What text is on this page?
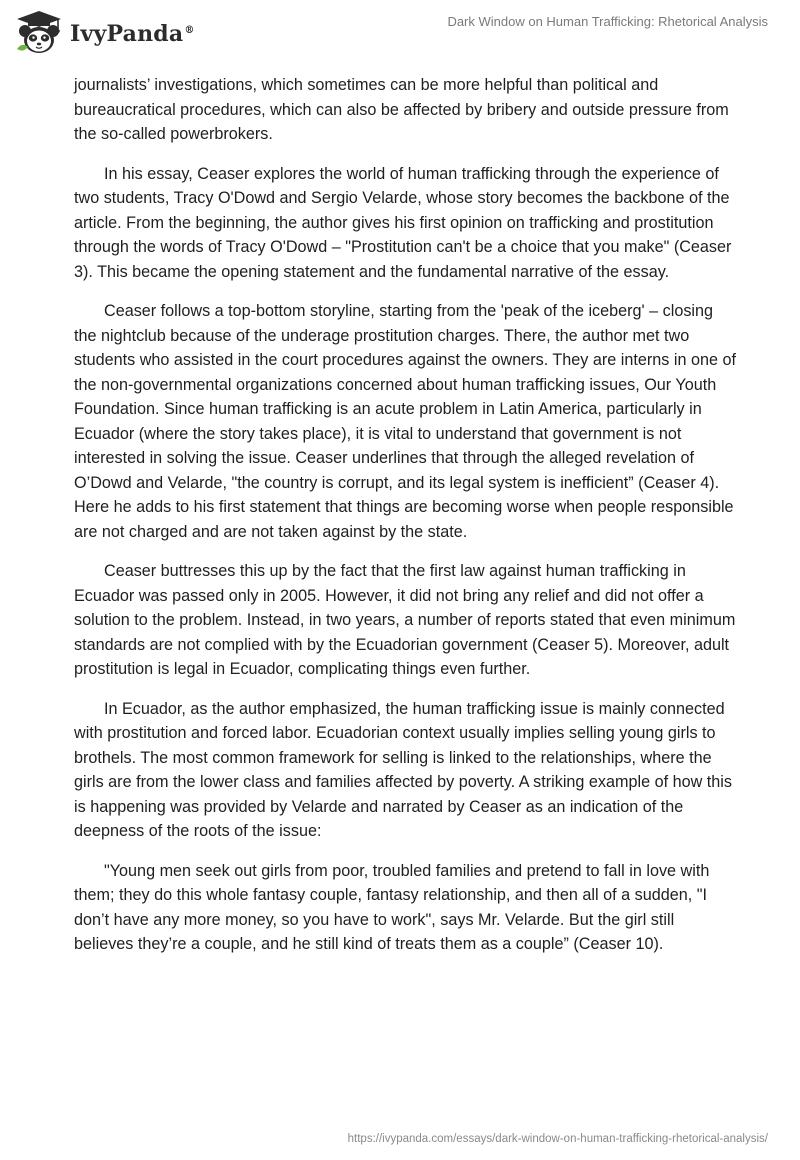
IvyPanda®
Dark Window on Human Trafficking: Rhetorical Analysis

journalists’ investigations, which sometimes can be more helpful than political and bureaucratical procedures, which can also be affected by bribery and outside pressure from the so-called powerbrokers.

In his essay, Ceaser explores the world of human trafficking through the experience of two students, Tracy O'Dowd and Sergio Velarde, whose story becomes the backbone of the article. From the beginning, the author gives his first opinion on trafficking and prostitution through the words of Tracy O'Dowd – "Prostitution can't be a choice that you make" (Ceaser 3). This became the opening statement and the fundamental narrative of the essay.

Ceaser follows a top-bottom storyline, starting from the 'peak of the iceberg' – closing the nightclub because of the underage prostitution charges. There, the author met two students who assisted in the court procedures against the owners. They are interns in one of the non-governmental organizations concerned about human trafficking issues, Our Youth Foundation. Since human trafficking is an acute problem in Latin America, particularly in Ecuador (where the story takes place), it is vital to understand that government is not interested in solving the issue. Ceaser underlines that through the alleged revelation of O’Dowd and Velarde, "the country is corrupt, and its legal system is inefficient” (Ceaser 4). Here he adds to his first statement that things are becoming worse when people responsible are not charged and are not taken against by the state.

Ceaser buttresses this up by the fact that the first law against human trafficking in Ecuador was passed only in 2005. However, it did not bring any relief and did not offer a solution to the problem. Instead, in two years, a number of reports stated that even minimum standards are not complied with by the Ecuadorian government (Ceaser 5). Moreover, adult prostitution is legal in Ecuador, complicating things even further.

In Ecuador, as the author emphasized, the human trafficking issue is mainly connected with prostitution and forced labor. Ecuadorian context usually implies selling young girls to brothels. The most common framework for selling is linked to the relationships, where the girls are from the lower class and families affected by poverty. A striking example of how this is happening was provided by Velarde and narrated by Ceaser as an indication of the deepness of the roots of the issue:

"Young men seek out girls from poor, troubled families and pretend to fall in love with them; they do this whole fantasy couple, fantasy relationship, and then all of a sudden, "I don’t have any more money, so you have to work", says Mr. Velarde. But the girl still believes they’re a couple, and he still kind of treats them as a couple” (Ceaser 10).

https://ivypanda.com/essays/dark-window-on-human-trafficking-rhetorical-analysis/
